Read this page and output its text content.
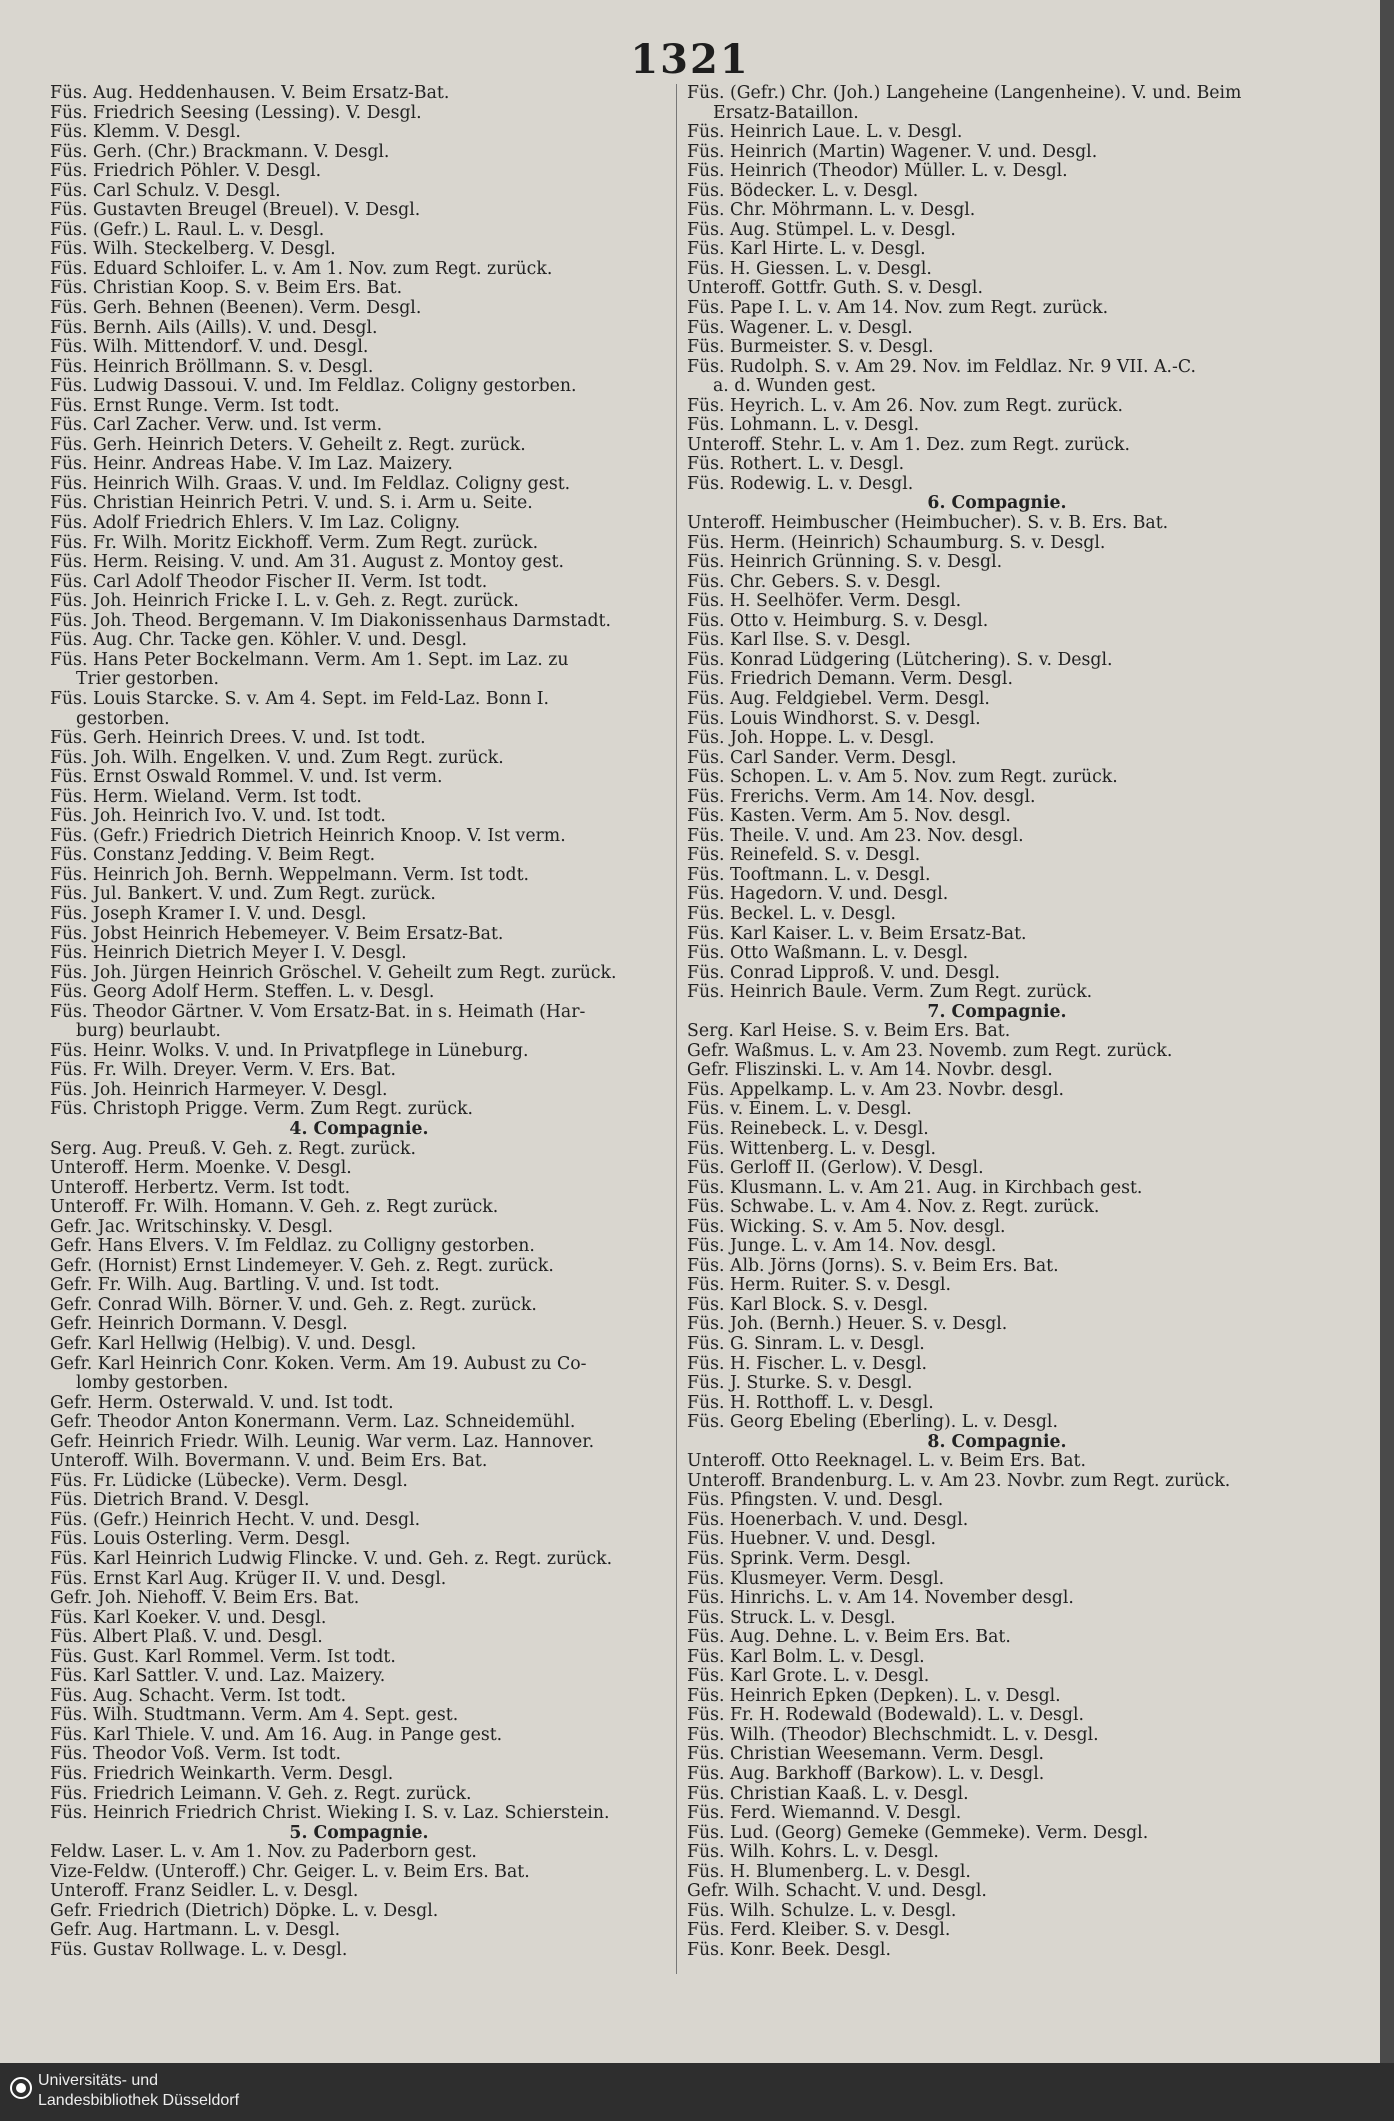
1321
Füs. Aug. Heddenhausen. V. Beim Ersatz-Bat.
Füs. Friedrich Seesing (Lessing). V. Desgl.
Füs. Klemm. V. Desgl.
Füs. Gerh. (Chr.) Brackmann. V. Desgl.
Füs. Friedrich Pöhler. V. Desgl.
Füs. Carl Schulz. V. Desgl.
Füs. Gustavten Breugel (Breuel). V. Desgl.
Füs. (Gefr.) L. Raul. L. v. Desgl.
Füs. Wilh. Steckelberg. V. Desgl.
Füs. Eduard Schloifer. L. v. Am 1. Nov. zum Regt. zurück.
Füs. Christian Koop. S. v. Beim Ers. Bat.
Füs. Gerh. Behnen (Beenen). Verm. Desgl.
Füs. Bernh. Ails (Aills). V. und. Desgl.
Füs. Wilh. Mittendorf. V. und. Desgl.
Füs. Heinrich Bröllmann. S. v. Desgl.
Füs. Ludwig Dassoui. V. und. Im Feldlaz. Coligny gestorben.
Füs. Ernst Runge. Verm. Ist todt.
Füs. Carl Zacher. Verw. und. Ist verm.
Füs. Gerh. Heinrich Deters. V. Geheilt z. Regt. zurück.
Füs. Heinr. Andreas Habe. V. Im Laz. Maizery.
Füs. Heinrich Wilh. Graas. V. und. Im Feldlaz. Coligny gest.
Füs. Christian Heinrich Petri. V. und. S. i. Arm u. Seite.
Füs. Adolf Friedrich Ehlers. V. Im Laz. Coligny.
Füs. Fr. Wilh. Moritz Eickhoff. Verm. Zum Regt. zurück.
Füs. Herm. Reising. V. und. Am 31. August z. Montoy gest.
Füs. Carl Adolf Theodor Fischer II. Verm. Ist todt.
Füs. Joh. Heinrich Fricke I. L. v. Geh. z. Regt. zurück.
Füs. Joh. Theod. Bergemann. V. Im Diakonissenhaus Darmstadt.
Füs. Aug. Chr. Tacke gen. Köhler. V. und. Desgl.
Füs. Hans Peter Bockelmann. Verm. Am 1. Sept. im Laz. zu
Trier gestorben.
Füs. Louis Starcke. S. v. Am 4. Sept. im Feld-Laz. Bonn I.
gestorben.
Füs. Gerh. Heinrich Drees. V. und. Ist todt.
Füs. Joh. Wilh. Engelken. V. und. Zum Regt. zurück.
Füs. Ernst Oswald Rommel. V. und. Ist verm.
Füs. Herm. Wieland. Verm. Ist todt.
Füs. Joh. Heinrich Ivo. V. und. Ist todt.
Füs. (Gefr.) Friedrich Dietrich Heinrich Knoop. V. Ist verm.
Füs. Constanz Jedding. V. Beim Regt.
Füs. Heinrich Joh. Bernh. Weppelmann. Verm. Ist todt.
Füs. Jul. Bankert. V. und. Zum Regt. zurück.
Füs. Joseph Kramer I. V. und. Desgl.
Füs. Jobst Heinrich Hebemeyer. V. Beim Ersatz-Bat.
Füs. Heinrich Dietrich Meyer I. V. Desgl.
Füs. Joh. Jürgen Heinrich Gröschel. V. Geheilt zum Regt. zurück.
Füs. Georg Adolf Herm. Steffen. L. v. Desgl.
Füs. Theodor Gärtner. V. Vom Ersatz-Bat. in s. Heimath (Har-
burg) beurlaubt.
Füs. Heinr. Wolks. V. und. In Privatpflege in Lüneburg.
Füs. Fr. Wilh. Dreyer. Verm. V. Ers. Bat.
Füs. Joh. Heinrich Harmeyer. V. Desgl.
Füs. Christoph Prigge. Verm. Zum Regt. zurück.
4. Compagnie.
Serg. Aug. Preuß. V. Geh. z. Regt. zurück.
Unteroff. Herm. Moenke. V. Desgl.
Unteroff. Herbertz. Verm. Ist todt.
Unteroff. Fr. Wilh. Homann. V. Geh. z. Regt zurück.
Gefr. Jac. Writschinsky. V. Desgl.
Gefr. Hans Elvers. V. Im Feldlaz. zu Colligny gestorben.
Gefr. (Hornist) Ernst Lindemeyer. V. Geh. z. Regt. zurück.
Gefr. Fr. Wilh. Aug. Bartling. V. und. Ist todt.
Gefr. Conrad Wilh. Börner. V. und. Geh. z. Regt. zurück.
Gefr. Heinrich Dormann. V. Desgl.
Gefr. Karl Hellwig (Helbig). V. und. Desgl.
Gefr. Karl Heinrich Conr. Koken. Verm. Am 19. Aubust zu Co-
lomby gestorben.
Gefr. Herm. Osterwald. V. und. Ist todt.
Gefr. Theodor Anton Konermann. Verm. Laz. Schneidemühl.
Gefr. Heinrich Friedr. Wilh. Leunig. War verm. Laz. Hannover.
Unteroff. Wilh. Bovermann. V. und. Beim Ers. Bat.
Füs. Fr. Lüdicke (Lübecke). Verm. Desgl.
Füs. Dietrich Brand. V. Desgl.
Füs. (Gefr.) Heinrich Hecht. V. und. Desgl.
Füs. Louis Osterling. Verm. Desgl.
Füs. Karl Heinrich Ludwig Flincke. V. und. Geh. z. Regt. zurück.
Füs. Ernst Karl Aug. Krüger II. V. und. Desgl.
Gefr. Joh. Niehoff. V. Beim Ers. Bat.
Füs. Karl Koeker. V. und. Desgl.
Füs. Albert Plaß. V. und. Desgl.
Füs. Gust. Karl Rommel. Verm. Ist todt.
Füs. Karl Sattler. V. und. Laz. Maizery.
Füs. Aug. Schacht. Verm. Ist todt.
Füs. Wilh. Studtmann. Verm. Am 4. Sept. gest.
Füs. Karl Thiele. V. und. Am 16. Aug. in Pange gest.
Füs. Theodor Voß. Verm. Ist todt.
Füs. Friedrich Weinkarth. Verm. Desgl.
Füs. Friedrich Leimann. V. Geh. z. Regt. zurück.
Füs. Heinrich Friedrich Christ. Wieking I. S. v. Laz. Schierstein.
5. Compagnie.
Feldw. Laser. L. v. Am 1. Nov. zu Paderborn gest.
Vize-Feldw. (Unteroff.) Chr. Geiger. L. v. Beim Ers. Bat.
Unteroff. Franz Seidler. L. v. Desgl.
Gefr. Friedrich (Dietrich) Döpke. L. v. Desgl.
Gefr. Aug. Hartmann. L. v. Desgl.
Füs. Gustav Rollwage. L. v. Desgl.
Füs. (Gefr.) Chr. (Joh.) Langeheine (Langenheine). V. und. Beim
Ersatz-Bataillon.
Füs. Heinrich Laue. L. v. Desgl.
Füs. Heinrich (Martin) Wagener. V. und. Desgl.
Füs. Heinrich (Theodor) Müller. L. v. Desgl.
Füs. Bödecker. L. v. Desgl.
Füs. Chr. Möhrmann. L. v. Desgl.
Füs. Aug. Stümpel. L. v. Desgl.
Füs. Karl Hirte. L. v. Desgl.
Füs. H. Giessen. L. v. Desgl.
Unteroff. Gottfr. Guth. S. v. Desgl.
Füs. Pape I. L. v. Am 14. Nov. zum Regt. zurück.
Füs. Wagener. L. v. Desgl.
Füs. Burmeister. S. v. Desgl.
Füs. Rudolph. S. v. Am 29. Nov. im Feldlaz. Nr. 9 VII. A.-C.
a. d. Wunden gest.
Füs. Heyrich. L. v. Am 26. Nov. zum Regt. zurück.
Füs. Lohmann. L. v. Desgl.
Unteroff. Stehr. L. v. Am 1. Dez. zum Regt. zurück.
Füs. Rothert. L. v. Desgl.
Füs. Rodewig. L. v. Desgl.
6. Compagnie.
Unteroff. Heimbuscher (Heimbucher). S. v. B. Ers. Bat.
Füs. Herm. (Heinrich) Schaumburg. S. v. Desgl.
Füs. Heinrich Grünning. S. v. Desgl.
Füs. Chr. Gebers. S. v. Desgl.
Füs. H. Seelhöfer. Verm. Desgl.
Füs. Otto v. Heimburg. S. v. Desgl.
Füs. Karl Ilse. S. v. Desgl.
Füs. Konrad Lüdgering (Lütchering). S. v. Desgl.
Füs. Friedrich Demann. Verm. Desgl.
Füs. Aug. Feldgiebel. Verm. Desgl.
Füs. Louis Windhorst. S. v. Desgl.
Füs. Joh. Hoppe. L. v. Desgl.
Füs. Carl Sander. Verm. Desgl.
Füs. Schopen. L. v. Am 5. Nov. zum Regt. zurück.
Füs. Frerichs. Verm. Am 14. Nov. desgl.
Füs. Kasten. Verm. Am 5. Nov. desgl.
Füs. Theile. V. und. Am 23. Nov. desgl.
Füs. Reinefeld. S. v. Desgl.
Füs. Tooftmann. L. v. Desgl.
Füs. Hagedorn. V. und. Desgl.
Füs. Beckel. L. v. Desgl.
Füs. Karl Kaiser. L. v. Beim Ersatz-Bat.
Füs. Otto Waßmann. L. v. Desgl.
Füs. Conrad Lipproß. V. und. Desgl.
Füs. Heinrich Baule. Verm. Zum Regt. zurück.
7. Compagnie.
Serg. Karl Heise. S. v. Beim Ers. Bat.
Gefr. Waßmus. L. v. Am 23. Novemb. zum Regt. zurück.
Gefr. Fliszinski. L. v. Am 14. Novbr. desgl.
Füs. Appelkamp. L. v. Am 23. Novbr. desgl.
Füs. v. Einem. L. v. Desgl.
Füs. Reinebeck. L. v. Desgl.
Füs. Wittenberg. L. v. Desgl.
Füs. Gerloff II. (Gerlow). V. Desgl.
Füs. Klusmann. L. v. Am 21. Aug. in Kirchbach gest.
Füs. Schwabe. L. v. Am 4. Nov. z. Regt. zurück.
Füs. Wicking. S. v. Am 5. Nov. desgl.
Füs. Junge. L. v. Am 14. Nov. desgl.
Füs. Alb. Jörns (Jorns). S. v. Beim Ers. Bat.
Füs. Herm. Ruiter. S. v. Desgl.
Füs. Karl Block. S. v. Desgl.
Füs. Joh. (Bernh.) Heuer. S. v. Desgl.
Füs. G. Sinram. L. v. Desgl.
Füs. H. Fischer. L. v. Desgl.
Füs. J. Sturke. S. v. Desgl.
Füs. H. Rotthoff. L. v. Desgl.
Füs. Georg Ebeling (Eberling). L. v. Desgl.
8. Compagnie.
Unteroff. Otto Reeknagel. L. v. Beim Ers. Bat.
Unteroff. Brandenburg. L. v. Am 23. Novbr. zum Regt. zurück.
Füs. Pfingsten. V. und. Desgl.
Füs. Hoenerbach. V. und. Desgl.
Füs. Huebner. V. und. Desgl.
Füs. Sprink. Verm. Desgl.
Füs. Klusmeyer. Verm. Desgl.
Füs. Hinrichs. L. v. Am 14. November desgl.
Füs. Struck. L. v. Desgl.
Füs. Aug. Dehne. L. v. Beim Ers. Bat.
Füs. Karl Bolm. L. v. Desgl.
Füs. Karl Grote. L. v. Desgl.
Füs. Heinrich Epken (Depken). L. v. Desgl.
Füs. Fr. H. Rodewald (Bodewald). L. v. Desgl.
Füs. Wilh. (Theodor) Blechschmidt. L. v. Desgl.
Füs. Christian Weesemann. Verm. Desgl.
Füs. Aug. Barkhoff (Barkow). L. v. Desgl.
Füs. Christian Kaaß. L. v. Desgl.
Füs. Ferd. Wiemannd. V. Desgl.
Füs. Lud. (Georg) Gemeke (Gemmeke). Verm. Desgl.
Füs. Wilh. Kohrs. L. v. Desgl.
Füs. H. Blumenberg. L. v. Desgl.
Gefr. Wilh. Schacht. V. und. Desgl.
Füs. Wilh. Schulze. L. v. Desgl.
Füs. Ferd. Kleiber. S. v. Desgl.
Füs. Konr. Beek. Desgl.
Universitäts- und
Landesbibliothek Düsseldorf
